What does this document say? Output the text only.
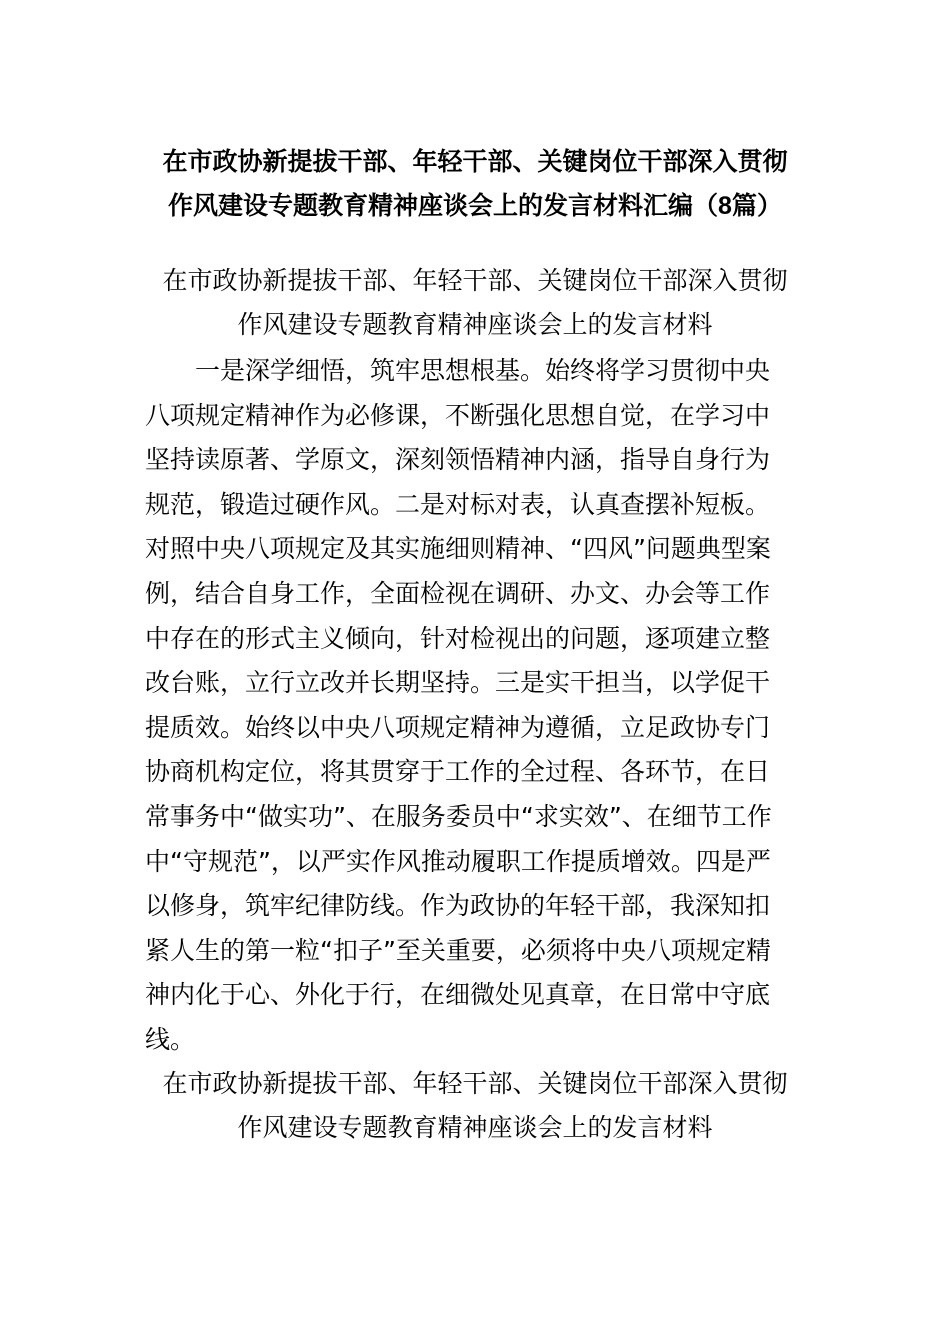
在市政协新提拔干部、年轻干部、关键岗位干部深入贯彻
作风建设专题教育精神座谈会上的发言材料汇编（8篇）
在市政协新提拔干部、年轻干部、关键岗位干部深入贯彻
作风建设专题教育精神座谈会上的发言材料
一是深学细悟，筑牢思想根基。始终将学习贯彻中央
八项规定精神作为必修课，不断强化思想自觉，在学习中
坚持读原著、学原文，深刻领悟精神内涵，指导自身行为
规范，锻造过硬作风。二是对标对表，认真查摆补短板。
对照中央八项规定及其实施细则精神、“四风”问题典型案
例，结合自身工作，全面检视在调研、办文、办会等工作
中存在的形式主义倾向，针对检视出的问题，逐项建立整
改台账，立行立改并长期坚持。三是实干担当，以学促干
提质效。始终以中央八项规定精神为遵循，立足政协专门
协商机构定位，将其贯穿于工作的全过程、各环节，在日
常事务中“做实功”、在服务委员中“求实效”、在细节工作
中“守规范”，以严实作风推动履职工作提质增效。四是严
以修身，筑牢纪律防线。作为政协的年轻干部，我深知扣
紧人生的第一粒“扣子”至关重要，必须将中央八项规定精
神内化于心、外化于行，在细微处见真章，在日常中守底
线。
在市政协新提拔干部、年轻干部、关键岗位干部深入贯彻
作风建设专题教育精神座谈会上的发言材料
